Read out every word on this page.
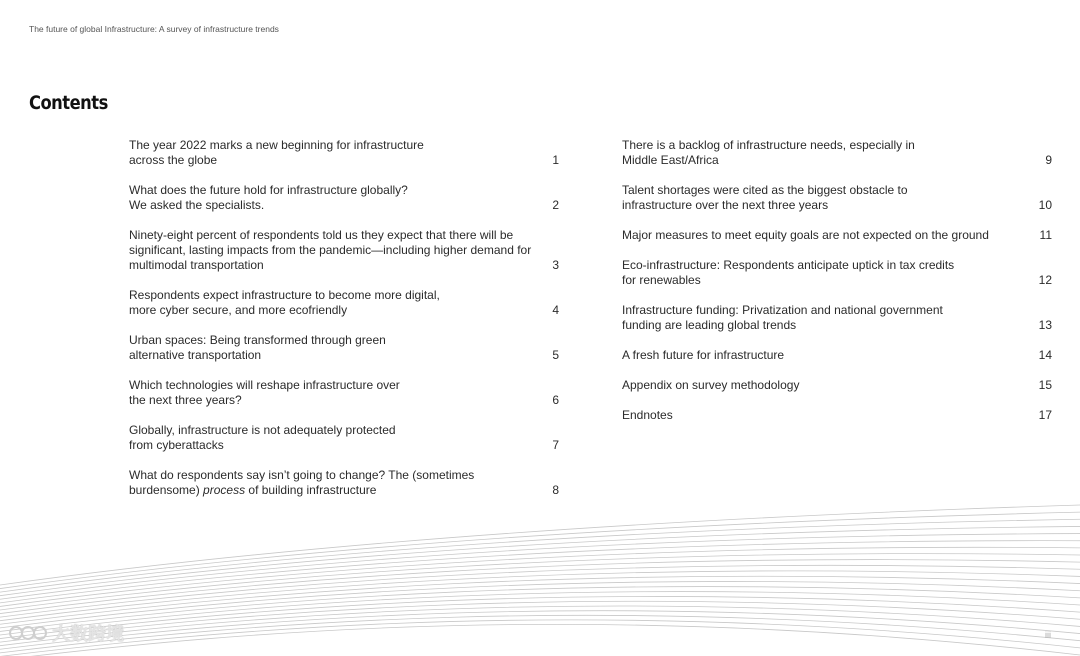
The future of global Infrastructure: A survey of infrastructure trends
Contents
The year 2022 marks a new beginning for infrastructure
across the globe	1
What does the future hold for infrastructure globally?
We asked the specialists.	2
Ninety-eight percent of respondents told us they expect that there will be significant, lasting impacts from the pandemic—including higher demand for multimodal transportation	3
Respondents expect infrastructure to become more digital,
more cyber secure, and more ecofriendly	4
Urban spaces: Being transformed through green
alternative transportation	5
Which technologies will reshape infrastructure over
the next three years?	6
Globally, infrastructure is not adequately protected
from cyberattacks	7
What do respondents say isn’t going to change? The (sometimes
burdensome) process of building infrastructure	8
There is a backlog of infrastructure needs, especially in
Middle East/Africa	9
Talent shortages were cited as the biggest obstacle to
infrastructure over the next three years	10
Major measures to meet equity goals are not expected on the ground	11
Eco-infrastructure: Respondents anticipate uptick in tax credits
for renewables	12
Infrastructure funding: Privatization and national government
funding are leading global trends	13
A fresh future for infrastructure	14
Appendix on survey methodology	15
Endnotes	17
大数跨境	iii
